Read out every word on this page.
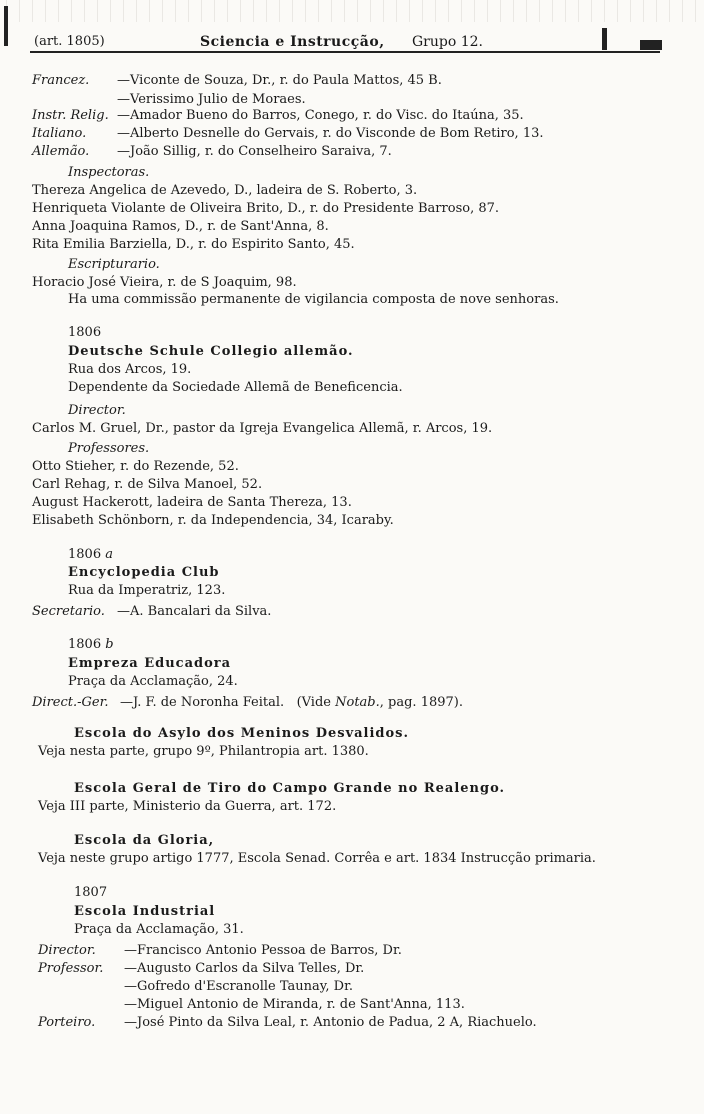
(art. 1805)	Sciencia e Instrucção, Grupo 12.
Francez. —Viconte de Souza, Dr., r. do Paula Mattos, 45 B.
—Verissimo Julio de Moraes.
Instr. Relig. —Amador Bueno do Barros, Conego, r. do Visc. do Itaúna, 35.
Italiano. —Alberto Desnelle do Gervais, r. do Visconde de Bom Retiro, 13.
Allemão. —João Sillig, r. do Conselheiro Saraiva, 7.
Inspectoras.
Thereza Angelica de Azevedo, D., ladeira de S. Roberto, 3.
Henriqueta Violante de Oliveira Brito, D., r. do Presidente Barroso, 87.
Anna Joaquina Ramos, D., r. de Sant'Anna, 8.
Rita Emilia Barziella, D., r. do Espirito Santo, 45.
Escripturario.
Horacio José Vieira, r. de S Joaquim, 98.
Ha uma commissão permanente de vigilancia composta de nove senhoras.
1806
Deutsche Schule Collegio allemão.
Rua dos Arcos, 19.
Dependente da Sociedade Allemã de Beneficencia.
Director.
Carlos M. Gruel, Dr., pastor da Igreja Evangelica Allemã, r. Arcos, 19.
Professores.
Otto Stieher, r. do Rezende, 52.
Carl Rehag, r. de Silva Manoel, 52.
August Hackerott, ladeira de Santa Thereza, 13.
Elisabeth Schönborn, r. da Independencia, 34, Icaraby.
1806 a
Encyclopedia Club
Rua da Imperatriz, 123.
Secretario. —A. Bancalari da Silva.
1806 b
Empreza Educadora
Praça da Acclamação, 24.
Direct.-Ger. —J. F. de Noronha Feital. (Vide Notab., pag. 1897).
Escola do Asylo dos Meninos Desvalidos.
Veja nesta parte, grupo 9º, Philantropia art. 1380.
Escola Geral de Tiro do Campo Grande no Realengo.
Veja III parte, Ministerio da Guerra, art. 172.
Escola da Gloria,
Veja neste grupo artigo 1777, Escola Senad. Corrêa e art. 1834 Instrucção primaria.
1807
Escola Industrial
Praça da Acclamação, 31.
Director. —Francisco Antonio Pessoa de Barros, Dr.
Professor. —Augusto Carlos da Silva Telles, Dr.
—Gofredo d'Escranolle Taunay, Dr.
—Miguel Antonio de Miranda, r. de Sant'Anna, 113.
Porteiro. —José Pinto da Silva Leal, r. Antonio de Padua, 2 A, Riachuelo.
